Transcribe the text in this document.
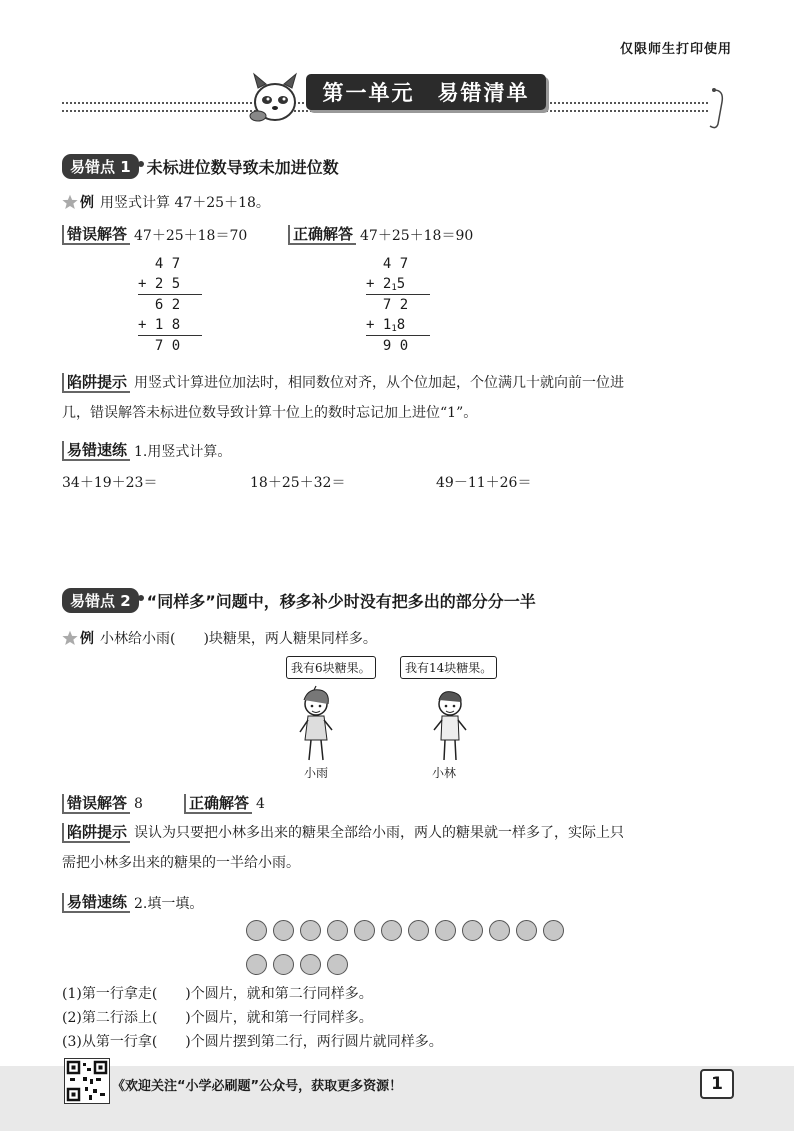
仅限师生打印使用
第一单元　易错清单
易错点 1	未标进位数导致未加进位数
例 用竖式计算 47＋25＋18。
错误解答 47＋25＋18＝70	正确解答 47＋25＋18＝90
4 7
+ 2 5
6 2
+ 1 8
7 0
4 7
+ 215
7 2
+ 118
9 0
陷阱提示 用竖式计算进位加法时，相同数位对齐，从个位加起，个位满几十就向前一位进
几，错误解答未标进位数导致计算十位上的数时忘记加上进位“1”。
易错速练 1.用竖式计算。
34＋19＋23＝	18＋25＋32＝	49－11＋26＝
易错点 2	“同样多”问题中，移多补少时没有把多出的部分分一半
例 小林给小雨(　　)块糖果，两人糖果同样多。
我有6块糖果。	我有14块糖果。
小雨	小林
错误解答 8	正确解答 4
陷阱提示 误认为只要把小林多出来的糖果全部给小雨，两人的糖果就一样多了，实际上只
需把小林多出来的糖果的一半给小雨。
易错速练 2.填一填。
(1)第一行拿走(　　)个圆片，就和第二行同样多。
(2)第二行添上(　　)个圆片，就和第一行同样多。
(3)从第一行拿(　　)个圆片摆到第二行，两行圆片就同样多。
《欢迎关注“小学必刷题”公众号，获取更多资源！	1
